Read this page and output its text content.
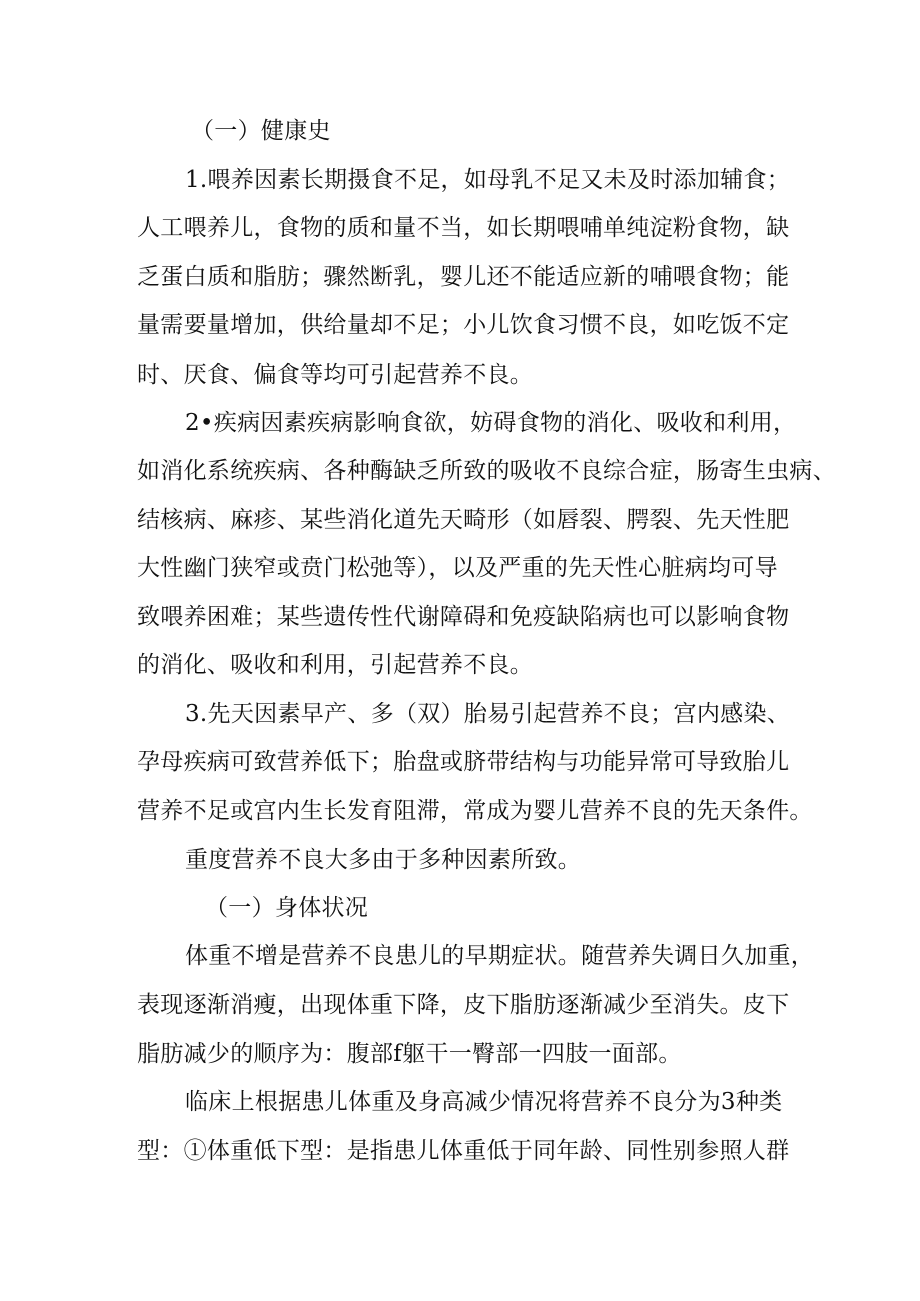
（一）健康史
1.喂养因素长期摄食不足，如母乳不足又未及时添加辅食；
人工喂养儿，食物的质和量不当，如长期喂哺单纯淀粉食物，缺
乏蛋白质和脂肪；骤然断乳，婴儿还不能适应新的哺喂食物；能
量需要量增加，供给量却不足；小儿饮食习惯不良，如吃饭不定
时、厌食、偏食等均可引起营养不良。
2•疾病因素疾病影响食欲，妨碍食物的消化、吸收和利用，
如消化系统疾病、各种酶缺乏所致的吸收不良综合症，肠寄生虫病、
结核病、麻疹、某些消化道先天畸形（如唇裂、腭裂、先天性肥
大性幽门狭窄或贲门松弛等），以及严重的先天性心脏病均可导
致喂养困难；某些遗传性代谢障碍和免疫缺陷病也可以影响食物
的消化、吸收和利用，引起营养不良。
3.先天因素早产、多（双）胎易引起营养不良；宫内感染、
孕母疾病可致营养低下；胎盘或脐带结构与功能异常可导致胎儿
营养不足或宫内生长发育阻滞，常成为婴儿营养不良的先天条件。
重度营养不良大多由于多种因素所致。
（一）身体状况
体重不增是营养不良患儿的早期症状。随营养失调日久加重，
表现逐渐消瘦，出现体重下降，皮下脂肪逐渐减少至消失。皮下
脂肪减少的顺序为：腹部f躯干一臀部一四肢一面部。
临床上根据患儿体重及身高减少情况将营养不良分为3种类
型：①体重低下型：是指患儿体重低于同年龄、同性别参照人群
